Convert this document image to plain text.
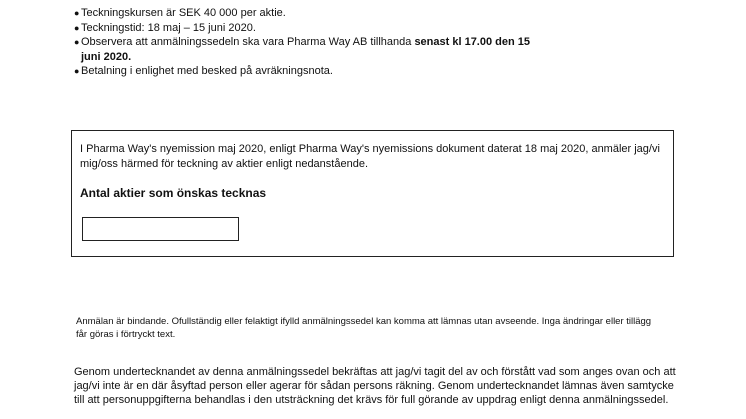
● Teckningskursen är SEK 40 000 per aktie.
● Teckningstid: 18 maj – 15 juni 2020.
● Observera att anmälningssedeln ska vara Pharma Way AB tillhanda senast kl 17.00 den 15
juni 2020.
● Betalning i enlighet med besked på avräkningsnota.
I Pharma Way's nyemission maj 2020, enligt Pharma Way's nyemissions dokument daterat 18 maj 2020, anmäler jag/vi mig/oss härmed för teckning av aktier enligt nedanstående.
Antal aktier som önskas tecknas
Anmälan är bindande. Ofullständig eller felaktigt ifylld anmälningssedel kan komma att lämnas utan avseende. Inga ändringar eller tillägg får göras i förtryckt text.
Genom undertecknandet av denna anmälningssedel bekräftas att jag/vi tagit del av och förstått vad som anges ovan och att jag/vi inte är en där åsyftad person eller agerar för sådan persons räkning. Genom undertecknandet lämnas även samtycke till att personuppgifterna behandlas i den utsträckning det krävs för full görande av uppdrag enligt denna anmälningssedel.
